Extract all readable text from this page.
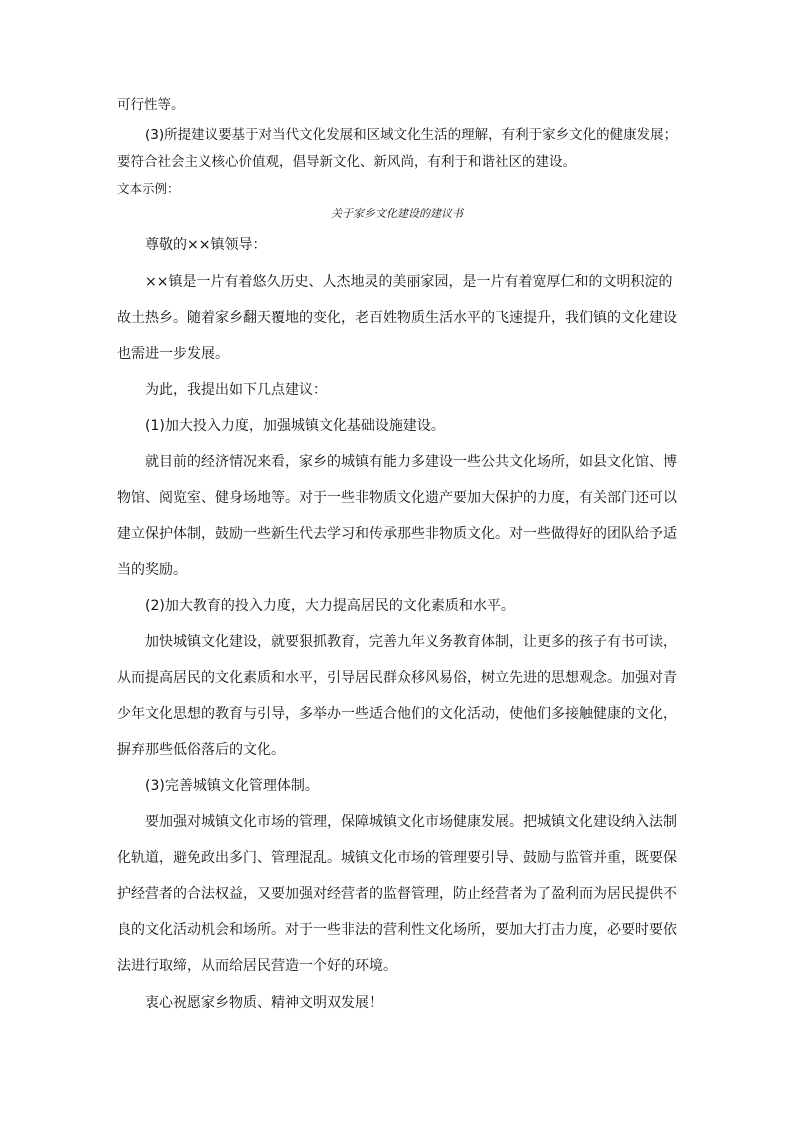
可行性等。
(3)所提建议要基于对当代文化发展和区域文化生活的理解，有利于家乡文化的健康发展；
要符合社会主义核心价值观，倡导新文化、新风尚，有利于和谐社区的建设。
文本示例：
关于家乡文化建设的建议书
尊敬的××镇领导：
××镇是一片有着悠久历史、人杰地灵的美丽家园，是一片有着宽厚仁和的文明积淀的
故土热乡。随着家乡翻天覆地的变化，老百姓物质生活水平的飞速提升，我们镇的文化建设
也需进一步发展。
为此，我提出如下几点建议：
(1)加大投入力度，加强城镇文化基础设施建设。
就目前的经济情况来看，家乡的城镇有能力多建设一些公共文化场所，如县文化馆、博
物馆、阅览室、健身场地等。对于一些非物质文化遗产要加大保护的力度，有关部门还可以
建立保护体制，鼓励一些新生代去学习和传承那些非物质文化。对一些做得好的团队给予适
当的奖励。
(2)加大教育的投入力度，大力提高居民的文化素质和水平。
加快城镇文化建设，就要狠抓教育，完善九年义务教育体制，让更多的孩子有书可读，
从而提高居民的文化素质和水平，引导居民群众移风易俗，树立先进的思想观念。加强对青
少年文化思想的教育与引导，多举办一些适合他们的文化活动，使他们多接触健康的文化，
摒弃那些低俗落后的文化。
(3)完善城镇文化管理体制。
要加强对城镇文化市场的管理，保障城镇文化市场健康发展。把城镇文化建设纳入法制
化轨道，避免政出多门、管理混乱。城镇文化市场的管理要引导、鼓励与监管并重，既要保
护经营者的合法权益，又要加强对经营者的监督管理，防止经营者为了盈利而为居民提供不
良的文化活动机会和场所。对于一些非法的营利性文化场所，要加大打击力度，必要时要依
法进行取缔，从而给居民营造一个好的环境。
衷心祝愿家乡物质、精神文明双发展！
